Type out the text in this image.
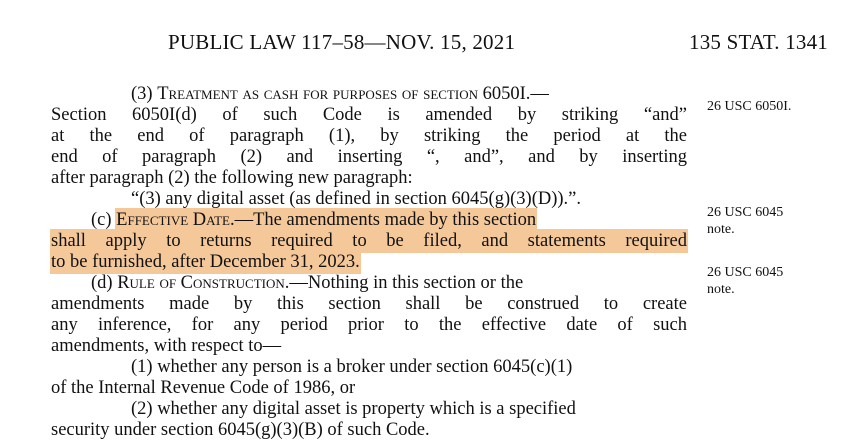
PUBLIC LAW 117–58—NOV. 15, 2021	135 STAT. 1341
(3) Treatment as cash for purposes of section 6050I.—
Section 6050I(d) of such Code is amended by striking “and”
at the end of paragraph (1), by striking the period at the
end of paragraph (2) and inserting “, and”, and by inserting
after paragraph (2) the following new paragraph:
“(3) any digital asset (as defined in section 6045(g)(3)(D)).”.
(c) Effective Date.—The amendments made by this section
shall apply to returns required to be filed, and statements required
to be furnished, after December 31, 2023.
(d) Rule of Construction.—Nothing in this section or the
amendments made by this section shall be construed to create
any inference, for any period prior to the effective date of such
amendments, with respect to—
(1) whether any person is a broker under section 6045(c)(1)
of the Internal Revenue Code of 1986, or
(2) whether any digital asset is property which is a specified
security under section 6045(g)(3)(B) of such Code.
26 USC 6050I.
26 USC 6045
note.
26 USC 6045
note.
